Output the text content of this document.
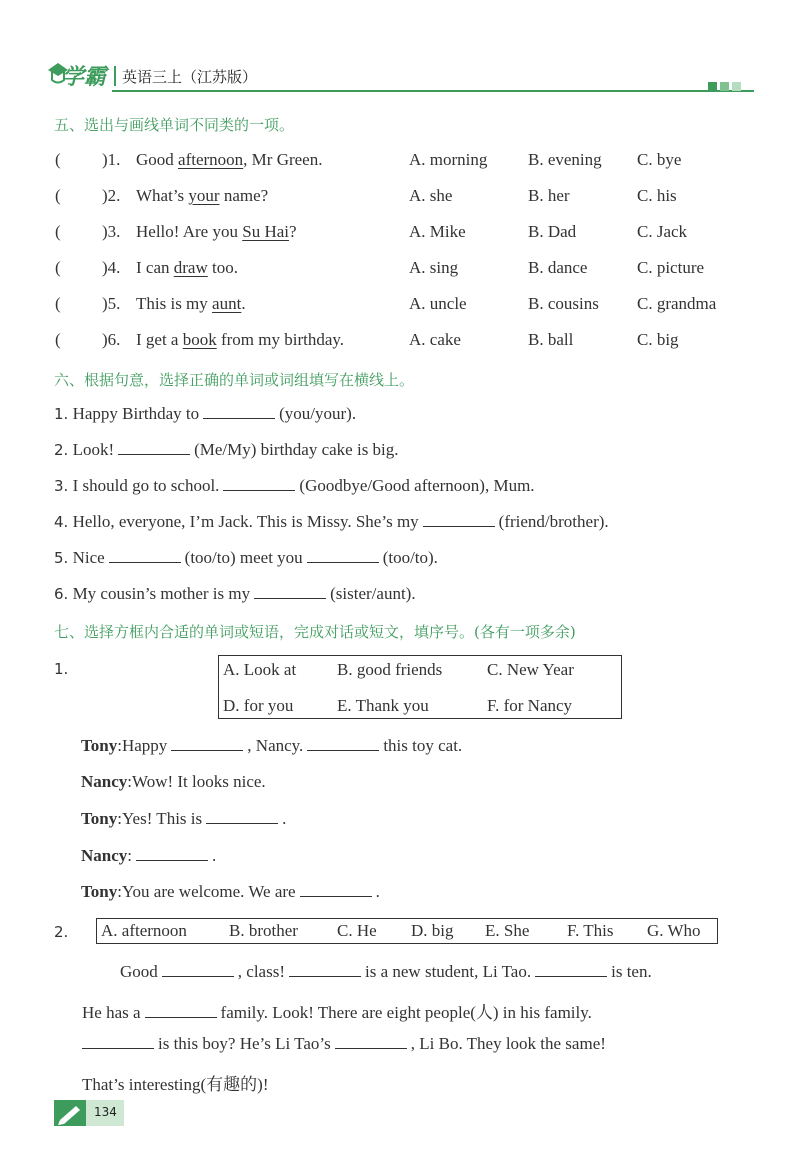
学霸 英语三上（江苏版）
五、选出与画线单词不同类的一项。
( )1. Good afternoon, Mr Green.	A. morning B. evening C. bye
( )2. What’s your name?	A. she	B. her	C. his
( )3. Hello! Are you Su Hai?	A. Mike	B. Dad	C. Jack
( )4. I can draw too.	A. sing	B. dance	C. picture
( )5. This is my aunt.	A. uncle	B. cousins C. grandma
( )6. I get a book from my birthday.	A. cake	B. ball	C. big
六、根据句意，选择正确的单词或词组填写在横线上。
1. Happy Birthday to	(you/your).
2. Look!	(Me/My) birthday cake is big.
3. I should go to school.	(Goodbye/Good afternoon), Mum.
4. Hello, everyone, I’m Jack. This is Missy. She’s my	(friend/brother).
5. Nice	(too/to) meet you	(too/to).
6. My cousin’s mother is my	(sister/aunt).
七、选择方框内合适的单词或短语，完成对话或短文，填序号。(各有一项多余)
1.	A. Look at B. good friends	C. New Year
D. for you	E. Thank you	F. for Nancy
Tony:Happy	, Nancy.	this toy cat.
Nancy:Wow! It looks nice.
Tony:Yes! This is	.
Nancy:	.
Tony:You are welcome. We are	.
2. A. afternoon B. brother C. He D. big E. She F. This G. Who
Good	, class!	is a new student, Li Tao.	is ten.
He has a	family. Look! There are eight people(人) in his family.
is this boy? He’s Li Tao’s	, Li Bo. They look the same!
That’s interesting(有趣的)!
134
